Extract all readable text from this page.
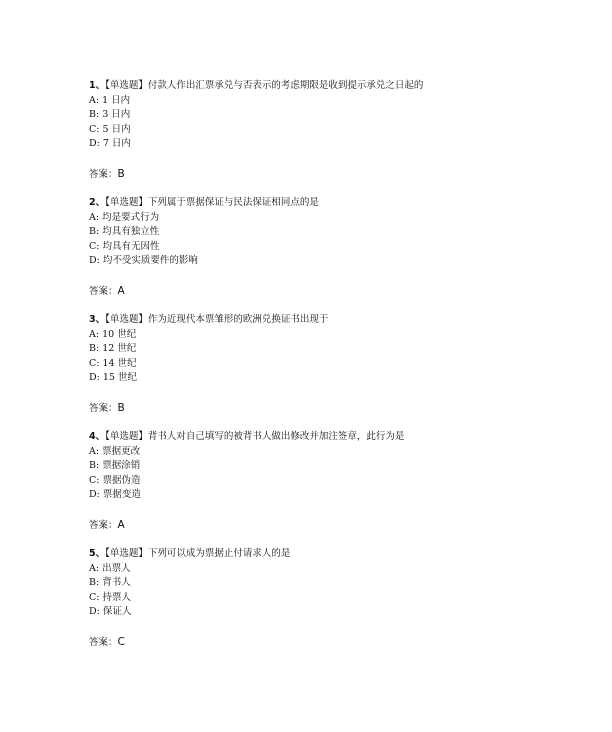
1、【单选题】付款人作出汇票承兑与否表示的考虑期限是收到提示承兑之日起的
A: 1 日内
B: 3 日内
C: 5 日内
D: 7 日内
答案：B
2、【单选题】下列属于票据保证与民法保证相同点的是
A: 均是要式行为
B: 均具有独立性
C: 均具有无因性
D: 均不受实质要件的影响
答案：A
3、【单选题】作为近现代本票雏形的欧洲兑换证书出现于
A: 10 世纪
B: 12 世纪
C: 14 世纪
D: 15 世纪
答案：B
4、【单选题】背书人对自己填写的被背书人做出修改并加注签章，此行为是
A: 票据更改
B: 票据涂销
C: 票据伪造
D: 票据变造
答案：A
5、【单选题】下列可以成为票据止付请求人的是
A: 出票人
B: 背书人
C: 持票人
D: 保证人
答案：C
